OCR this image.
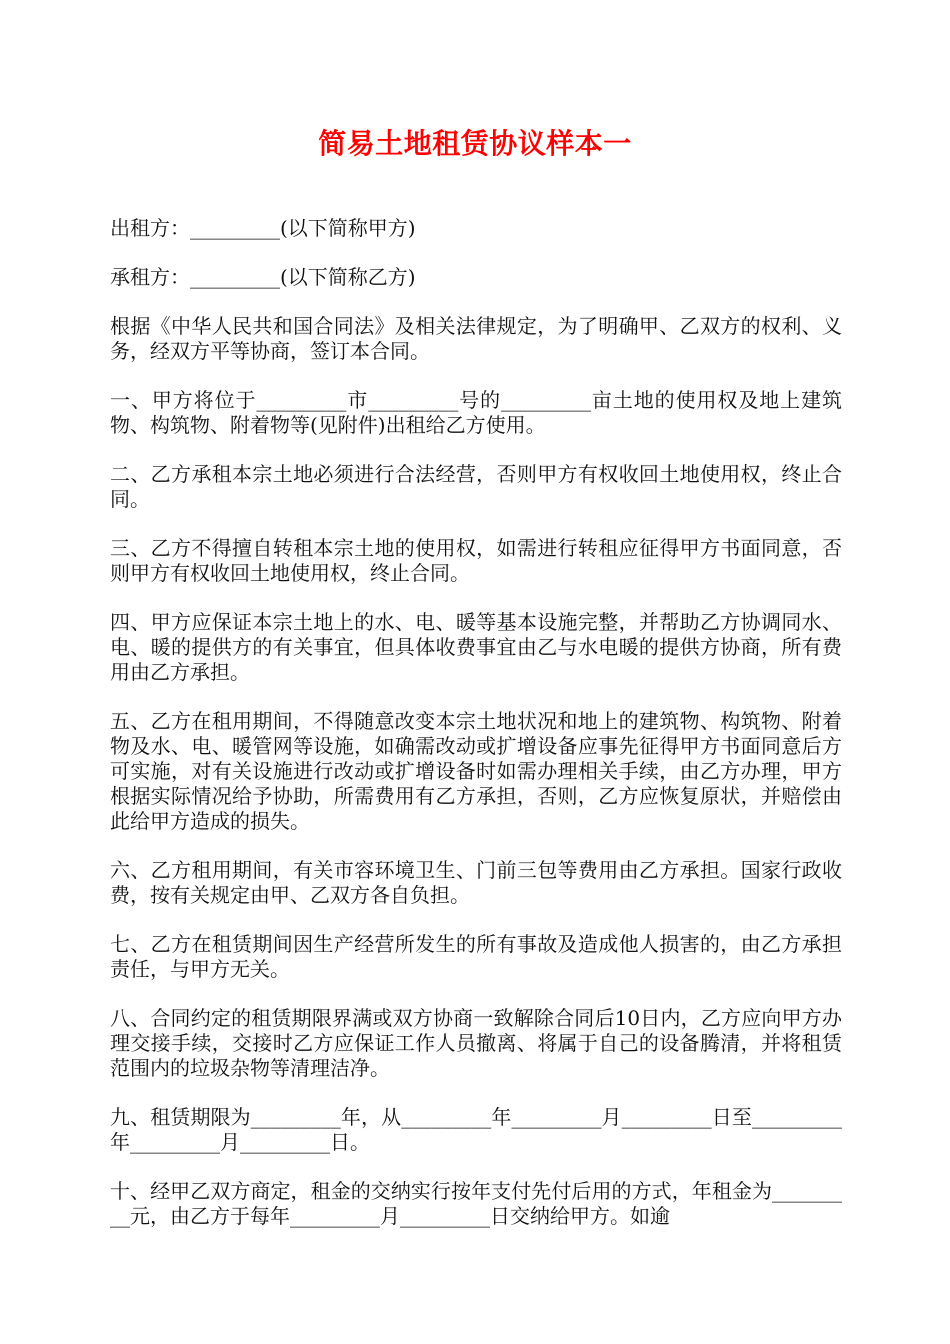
简易土地租赁协议样本一

出租方：_________(以下简称甲方)

承租方：_________(以下简称乙方)

根据《中华人民共和国合同法》及相关法律规定，为了明确甲、乙双方的权利、义务，经双方平等协商，签订本合同。

一、甲方将位于_________市_________号的_________亩土地的使用权及地上建筑物、构筑物、附着物等(见附件)出租给乙方使用。

二、乙方承租本宗土地必须进行合法经营，否则甲方有权收回土地使用权，终止合同。

三、乙方不得擅自转租本宗土地的使用权，如需进行转租应征得甲方书面同意，否则甲方有权收回土地使用权，终止合同。

四、甲方应保证本宗土地上的水、电、暖等基本设施完整，并帮助乙方协调同水、电、暖的提供方的有关事宜，但具体收费事宜由乙与水电暖的提供方协商，所有费用由乙方承担。

五、乙方在租用期间，不得随意改变本宗土地状况和地上的建筑物、构筑物、附着物及水、电、暖管网等设施，如确需改动或扩增设备应事先征得甲方书面同意后方可实施，对有关设施进行改动或扩增设备时如需办理相关手续，由乙方办理，甲方根据实际情况给予协助，所需费用有乙方承担，否则，乙方应恢复原状，并赔偿由此给甲方造成的损失。

六、乙方租用期间，有关市容环境卫生、门前三包等费用由乙方承担。国家行政收费，按有关规定由甲、乙双方各自负担。

七、乙方在租赁期间因生产经营所发生的所有事故及造成他人损害的，由乙方承担责任，与甲方无关。

八、合同约定的租赁期限界满或双方协商一致解除合同后10日内，乙方应向甲方办理交接手续，交接时乙方应保证工作人员撤离、将属于自己的设备腾清，并将租赁范围内的垃圾杂物等清理洁净。

九、租赁期限为_________年，从_________年_________月_________日至_________年_________月_________日。

十、经甲乙双方商定，租金的交纳实行按年支付先付后用的方式，年租金为_________元，由乙方于每年_________月_________日交纳给甲方。如逾
